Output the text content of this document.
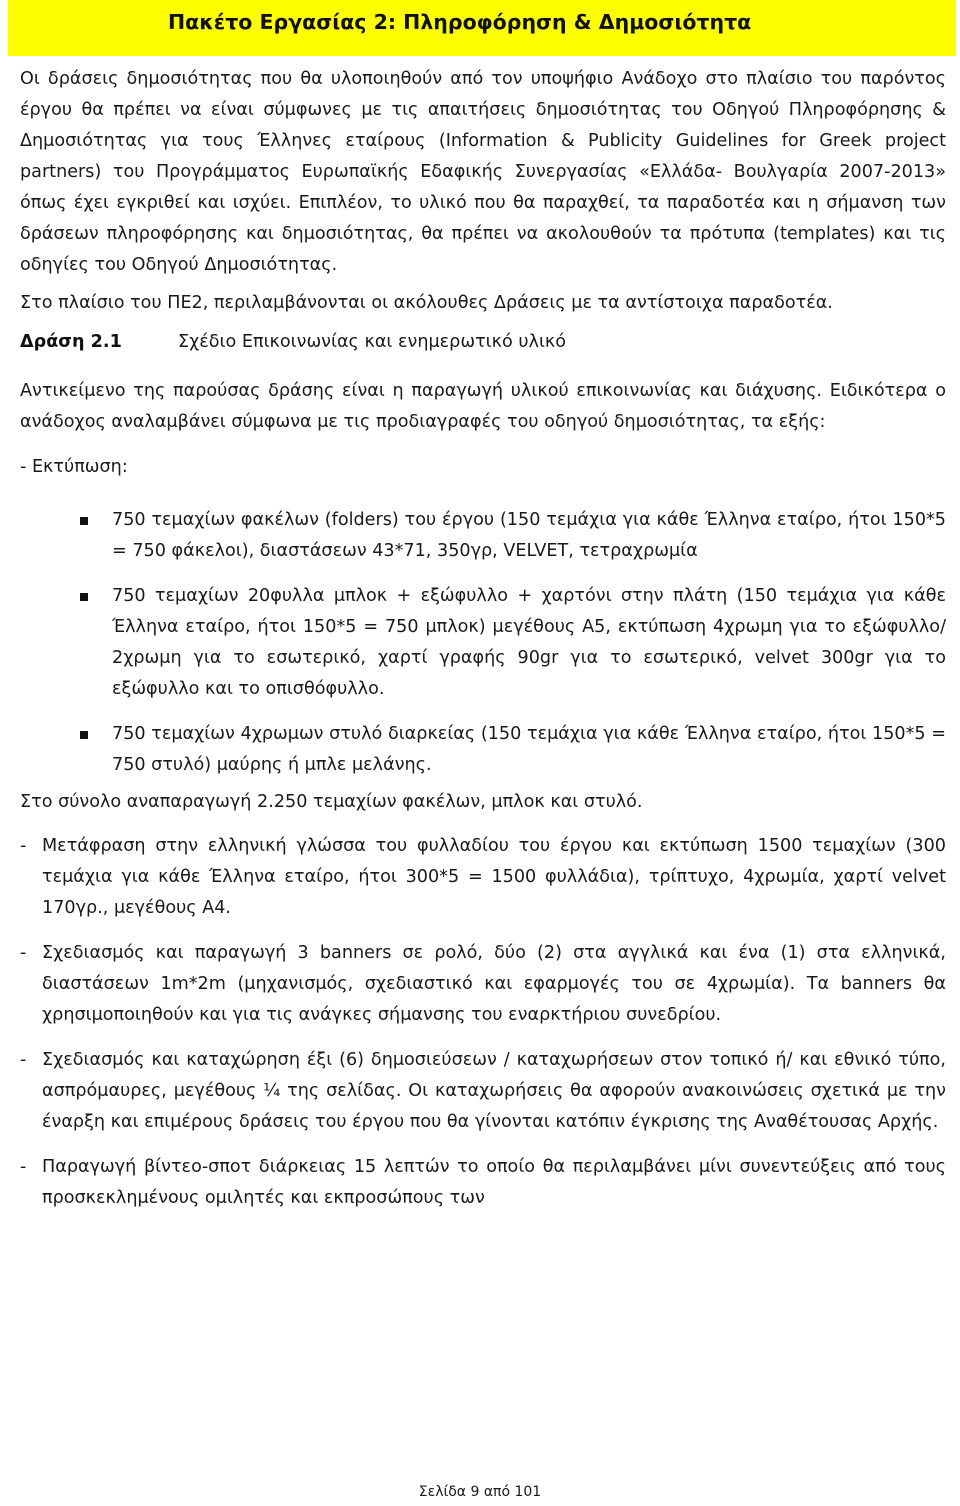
Πακέτο Εργασίας 2: Πληροφόρηση & Δημοσιότητα

Οι δράσεις δημοσιότητας που θα υλοποιηθούν από τον υποψήφιο Ανάδοχο στο πλαίσιο του παρόντος έργου θα πρέπει να είναι σύμφωνες με τις απαιτήσεις δημοσιότητας του Οδηγού Πληροφόρησης & Δημοσιότητας για τους Έλληνες εταίρους (Information & Publicity Guidelines for Greek project partners) του Προγράμματος Ευρωπαϊκής Εδαφικής Συνεργασίας «Ελλάδα- Βουλγαρία 2007-2013» όπως έχει εγκριθεί και ισχύει. Επιπλέον, το υλικό που θα παραχθεί, τα παραδοτέα και η σήμανση των δράσεων πληροφόρησης και δημοσιότητας, θα πρέπει να ακολουθούν τα πρότυπα (templates) και τις οδηγίες του Οδηγού Δημοσιότητας.

Στο πλαίσιο του ΠΕ2, περιλαμβάνονται οι ακόλουθες Δράσεις με τα αντίστοιχα παραδοτέα.

Δράση 2.1	Σχέδιο Επικοινωνίας και ενημερωτικό υλικό

Αντικείμενο της παρούσας δράσης είναι η παραγωγή υλικού επικοινωνίας και διάχυσης. Ειδικότερα ο ανάδοχος αναλαμβάνει σύμφωνα με τις προδιαγραφές του οδηγού δημοσιότητας, τα εξής:

- Εκτύπωση:
750 τεμαχίων φακέλων (folders) του έργου (150 τεμάχια για κάθε Έλληνα εταίρο, ήτοι 150*5 = 750 φάκελοι), διαστάσεων 43*71, 350γρ, VELVET, τετραχρωμία
750 τεμαχίων 20φυλλα μπλοκ + εξώφυλλο + χαρτόνι στην πλάτη (150 τεμάχια για κάθε Έλληνα εταίρο, ήτοι 150*5 = 750 μπλοκ) μεγέθους Α5, εκτύπωση 4χρωμη για το εξώφυλλο/ 2χρωμη για το εσωτερικό, χαρτί γραφής 90gr για το εσωτερικό, velvet 300gr για το εξώφυλλο και το οπισθόφυλλο.
750 τεμαχίων 4χρωμων στυλό διαρκείας (150 τεμάχια για κάθε Έλληνα εταίρο, ήτοι 150*5 = 750 στυλό) μαύρης ή μπλε μελάνης.

Στο σύνολο αναπαραγωγή 2.250 τεμαχίων φακέλων, μπλοκ και στυλό.

- Μετάφραση στην ελληνική γλώσσα του φυλλαδίου του έργου και εκτύπωση 1500 τεμαχίων (300 τεμάχια για κάθε Έλληνα εταίρο, ήτοι 300*5 = 1500 φυλλάδια), τρίπτυχο, 4χρωμία, χαρτί velvet 170γρ., μεγέθους Α4.
- Σχεδιασμός και παραγωγή 3 banners σε ρολό, δύο (2) στα αγγλικά και ένα (1) στα ελληνικά, διαστάσεων 1m*2m (μηχανισμός, σχεδιαστικό και εφαρμογές του σε 4χρωμία). Τα banners θα χρησιμοποιηθούν και για τις ανάγκες σήμανσης του εναρκτήριου συνεδρίου.
- Σχεδιασμός και καταχώρηση έξι (6) δημοσιεύσεων / καταχωρήσεων στον τοπικό ή/ και εθνικό τύπο, ασπρόμαυρες, μεγέθους ¼ της σελίδας. Οι καταχωρήσεις θα αφορούν ανακοινώσεις σχετικά με την έναρξη και επιμέρους δράσεις του έργου που θα γίνονται κατόπιν έγκρισης της Αναθέτουσας Αρχής.
- Παραγωγή βίντεο-σποτ διάρκειας 15 λεπτών το οποίο θα περιλαμβάνει μίνι συνεντεύξεις από τους προσκεκλημένους ομιλητές και εκπροσώπους των
Σελίδα 9 από 101
